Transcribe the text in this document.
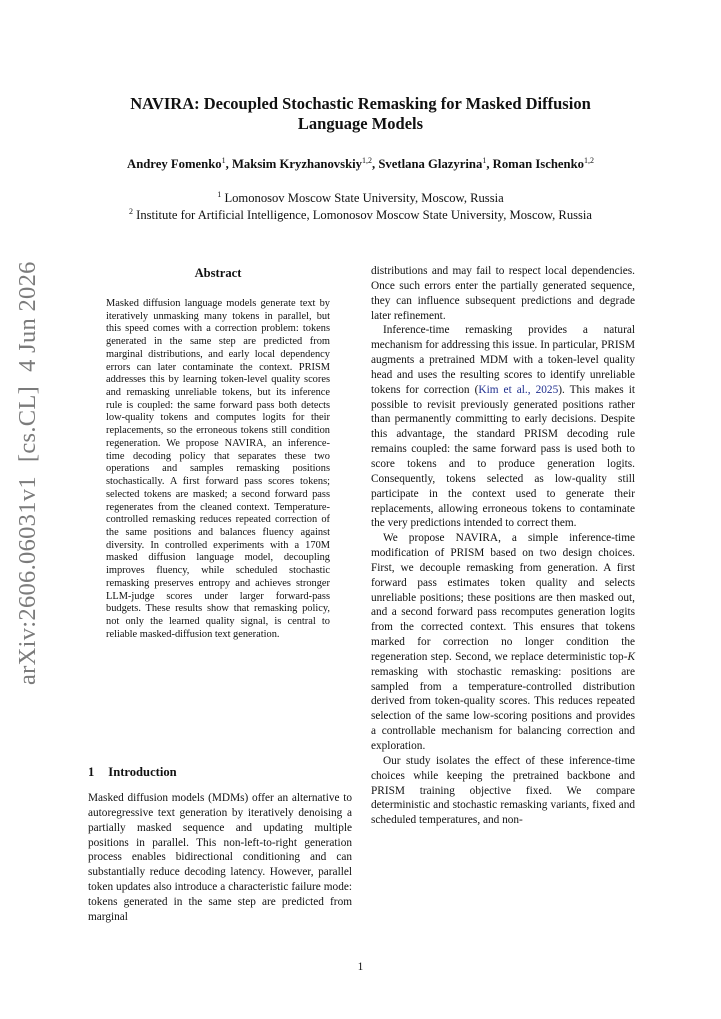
arXiv:2606.06031v1[cs.CL]4 Jun 2026
NAVIRA: Decoupled Stochastic Remasking for Masked Diffusion Language Models
Andrey Fomenko$^1$, Maksim Kryzhanovskiy$^{1,2}$, Svetlana Glazyrina$^1$, Roman Ischenko$^{1,2}$
$^1$ Lomonosov Moscow State University, Moscow, Russia
$^2$ Institute for Artificial Intelligence, Lomonosov Moscow State University, Moscow, Russia
Abstract
Masked diffusion language models generate text by iteratively unmasking many tokens in parallel, but this speed comes with a correction problem: tokens generated in the same step are predicted from marginal distributions, and early local dependency errors can later contaminate the context. PRISM addresses this by learning token-level quality scores and remasking unreliable tokens, but its inference rule is coupled: the same forward pass both detects low-quality tokens and computes logits for their replacements, so the erroneous tokens still condition regeneration. We propose NAVIRA, an inference-time decoding policy that separates these two operations and samples remasking positions stochastically. A first forward pass scores tokens; selected tokens are masked; a second forward pass regenerates from the cleaned context. Temperature-controlled remasking reduces repeated correction of the same positions and balances fluency against diversity. In controlled experiments with a 170M masked diffusion language model, decoupling improves fluency, while scheduled stochastic remasking preserves entropy and achieves stronger LLM-judge scores under larger forward-pass budgets. These results show that remasking policy, not only the learned quality signal, is central to reliable masked-diffusion text generation.
1 Introduction

Masked diffusion models (MDMs) offer an alternative to autoregressive text generation by iteratively denoising a partially masked sequence and updating multiple positions in parallel. This non-left-to-right generation process enables bidirectional conditioning and can substantially reduce decoding latency. However, parallel token updates also introduce a characteristic failure mode: tokens generated in the same step are predicted from marginal

distributions and may fail to respect local dependencies. Once such errors enter the partially generated sequence, they can influence subsequent predictions and degrade later refinement.

Inference-time remasking provides a natural mechanism for addressing this issue. In particular, PRISM augments a pretrained MDM with a token-level quality head and uses the resulting scores to identify unreliable tokens for correction (Kim et al., 2025). This makes it possible to revisit previously generated positions rather than permanently committing to early decisions. Despite this advantage, the standard PRISM decoding rule remains coupled: the same forward pass is used both to score tokens and to produce generation logits. Consequently, tokens selected as low-quality still participate in the context used to generate their replacements, allowing erroneous tokens to contaminate the very predictions intended to correct them.

We propose NAVIRA, a simple inference-time modification of PRISM based on two design choices. First, we decouple remasking from generation. A first forward pass estimates token quality and selects unreliable positions; these positions are then masked out, and a second forward pass recomputes generation logits from the corrected context. This ensures that tokens marked for correction no longer condition the regeneration step. Second, we replace deterministic top-K remasking with stochastic remasking: positions are sampled from a temperature-controlled distribution derived from token-quality scores. This reduces repeated selection of the same low-scoring positions and provides a controllable mechanism for balancing correction and exploration.

Our study isolates the effect of these inference-time choices while keeping the pretrained backbone and PRISM training objective fixed. We compare deterministic and stochastic remasking variants, fixed and scheduled temperatures, and non-

1
